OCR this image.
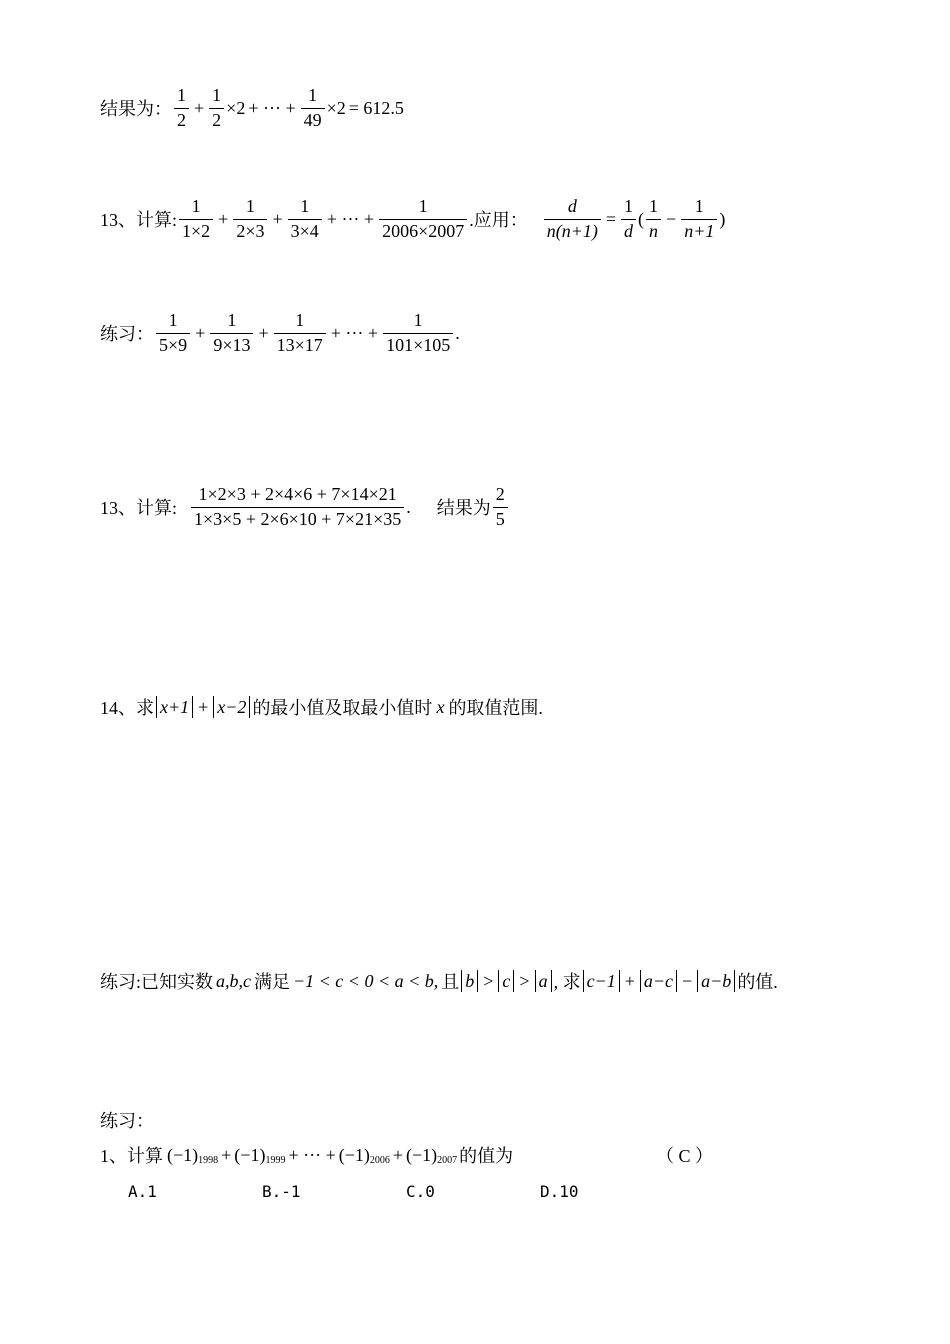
结果为： $\frac{1}{2} + \frac{1}{2} \times 2$ + ··· + $\frac{1}{49} \times 2 = 612.5$
13、计算: $\frac{1}{1\times 2} + \frac{1}{2\times 3} + \frac{1}{3\times 4}$ + ··· + $\frac{1}{2006\times 2007}$ .应用： $\frac{d}{n(n+1)} = \frac{1}{d}$ ( $\frac{1}{n} - \frac{1}{n+1}$ )
练习： $\frac{1}{5\times 9} + \frac{1}{9\times 13} + \frac{1}{13\times 17}$ + ··· + $\frac{1}{101\times 105}$ .
13、计算: $\frac{1\times 2\times 3 + 2\times 4\times 6 + 7\times 14\times 21}{1\times 3\times 5 + 2\times 6\times 10 + 7\times 21\times 35}$ . 结果为 $\frac{2}{5}$
14、求 x+1 + x−2 的最小值及取最小值时 x 的取值范围.
练习:已知实数 a,b,c 满足 −1 < c < 0 < a < b, 且 b > c > a , 求 c−1 + a−c − a−b 的值.
练习：
1、计算 $(-1)^{1998} + (-1)^{1999}$ + ··· + $(-1)^{2006} + (-1)^{2007}$ 的值为	（ C ）
A.1	B.-1	C.0	D.10
